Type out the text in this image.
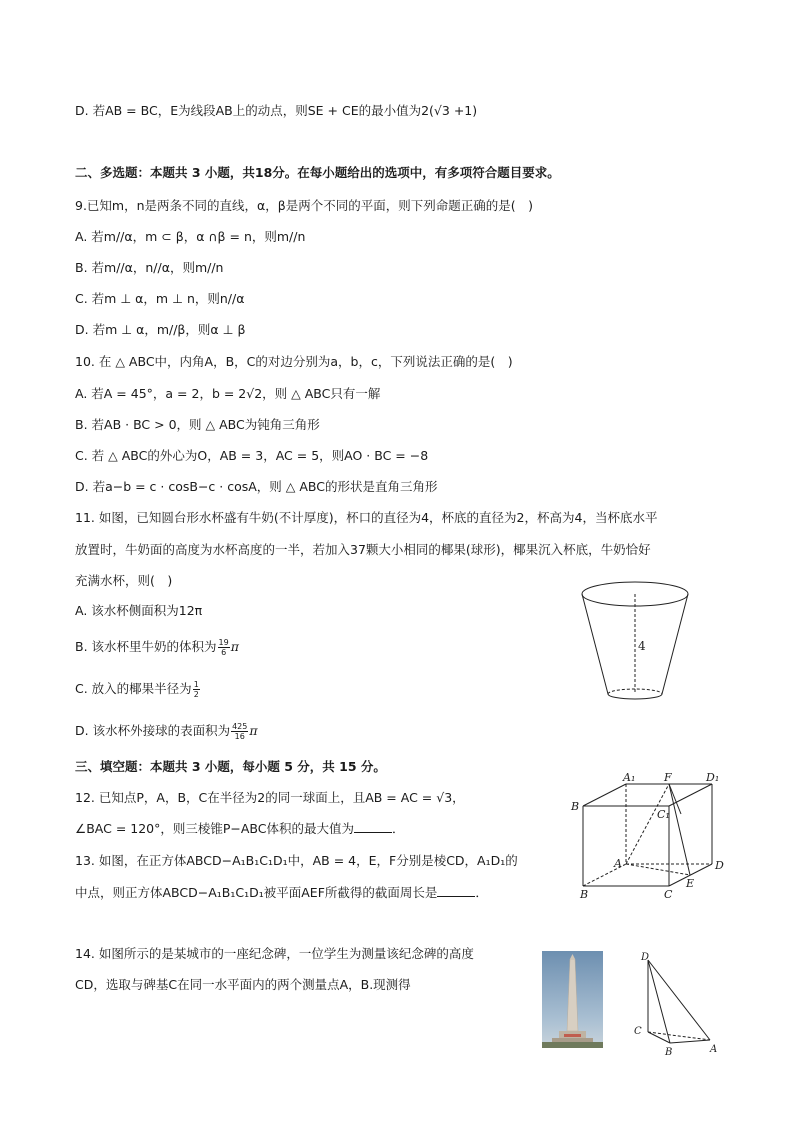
D. 若AB = BC，E为线段AB上的动点，则SE + CE的最小值为2(√3 +1)
二、多选题：本题共 3 小题，共18分。在每小题给出的选项中，有多项符合题目要求。
9.已知m，n是两条不同的直线，α，β是两个不同的平面，则下列命题正确的是(　)
A. 若m//α，m ⊂ β，α ∩β = n，则m//n
B. 若m//α，n//α，则m//n
C. 若m ⊥ α，m ⊥ n，则n//α
D. 若m ⊥ α，m//β，则α ⊥ β
10. 在 △ ABC中，内角A，B，C的对边分别为a，b，c，下列说法正确的是(　)
A. 若A = 45°，a = 2，b = 2√2，则 △ ABC只有一解
B. 若AB · BC > 0，则 △ ABC为钝角三角形
C. 若 △ ABC的外心为O，AB = 3，AC = 5，则AO · BC = −8
D. 若a−b = c · cosB−c · cosA，则 △ ABC的形状是直角三角形
11. 如图，已知圆台形水杯盛有牛奶(不计厚度)，杯口的直径为4，杯底的直径为2，杯高为4，当杯底水平
放置时，牛奶面的高度为水杯高度的一半，若加入37颗大小相同的椰果(球形)，椰果沉入杯底，牛奶恰好
充满水杯，则(　)
A. 该水杯侧面积为12π
B. 该水杯里牛奶的体积为 $\frac{19}{6}$ π
C. 放入的椰果半径为 $\frac{1}{2}$
D. 该水杯外接球的表面积为 $\frac{425}{16}$ π
4
三、填空题：本题共 3 小题，每小题 5 分，共 15 分。
12. 已知点P，A，B，C在半径为2的同一球面上，且AB = AC = √3，
∠BAC = 120°，则三棱锥P−ABC体积的最大值为	．
13. 如图，在正方体ABCD−A₁B₁C₁D₁中，AB = 4，E，F分别是棱CD，A₁D₁的
中点，则正方体ABCD−A₁B₁C₁D₁被平面AEF所截得的截面周长是	．
A₁	F	D₁
B
C₁
A	D
E
B	C
14. 如图所示的是某城市的一座纪念碑，一位学生为测量该纪念碑的高度
CD，选取与碑基C在同一水平面内的两个测量点A，B.现测得
D
C
B	A
